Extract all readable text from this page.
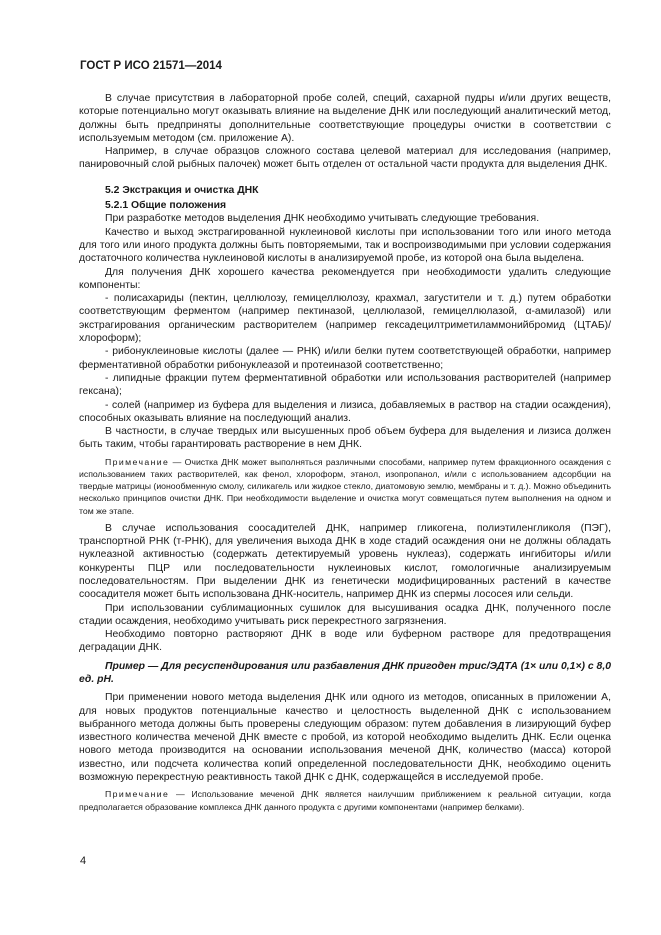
ГОСТ Р ИСО 21571—2014

В случае присутствия в лабораторной пробе солей, специй, сахарной пудры и/или других веществ, которые потенциально могут оказывать влияние на выделение ДНК или последующий аналитический метод, должны быть предприняты дополнительные соответствующие процедуры очистки в соответствии с используемым методом (см. приложение А).

Например, в случае образцов сложного состава целевой материал для исследования (например, панировочный слой рыбных палочек) может быть отделен от остальной части продукта для выделения ДНК.

5.2 Экстракция и очистка ДНК

5.2.1 Общие положения

При разработке методов выделения ДНК необходимо учитывать следующие требования.

Качество и выход экстрагированной нуклеиновой кислоты при использовании того или иного метода для того или иного продукта должны быть повторяемыми, так и воспроизводимыми при условии содержания достаточного количества нуклеиновой кислоты в анализируемой пробе, из которой она была выделена.

Для получения ДНК хорошего качества рекомендуется при необходимости удалить следующие компоненты:

- полисахариды (пектин, целлюлозу, гемицеллюлозу, крахмал, загустители и т. д.) путем обработки соответствующим ферментом (например пектиназой, целлюлазой, гемицеллюлазой, α-амилазой) или экстрагирования органическим растворителем (например гексадецилтриметиламмонийбромид (ЦТАБ)/хлороформ);

- рибонуклеиновые кислоты (далее — РНК) и/или белки путем соответствующей обработки, например ферментативной обработки рибонуклеазой и протеиназой соответственно;

- липидные фракции путем ферментативной обработки или использования растворителей (например гексана);

- солей (например из буфера для выделения и лизиса, добавляемых в раствор на стадии осаждения), способных оказывать влияние на последующий анализ.

В частности, в случае твердых или высушенных проб объем буфера для выделения и лизиса должен быть таким, чтобы гарантировать растворение в нем ДНК.

Примечание — Очистка ДНК может выполняться различными способами, например путем фракционного осаждения с использованием таких растворителей, как фенол, хлороформ, этанол, изопропанол, и/или с использованием адсорбции на твердые матрицы (ионообменную смолу, силикагель или жидкое стекло, диатомовую землю, мембраны и т. д.). Можно объединить несколько принципов очистки ДНК. При необходимости выделение и очистка могут совмещаться путем выполнения на одном и том же этапе.

В случае использования соосадителей ДНК, например гликогена, полиэтиленгликоля (ПЭГ), транспортной РНК (т-РНК), для увеличения выхода ДНК в ходе стадий осаждения они не должны обладать нуклеазной активностью (содержать детектируемый уровень нуклеаз), содержать ингибиторы и/или конкуренты ПЦР или последовательности нуклеиновых кислот, гомологичные анализируемым последовательностям. При выделении ДНК из генетически модифицированных растений в качестве соосадителя может быть использована ДНК-носитель, например ДНК из спермы лососея или сельди.

При использовании сублимационных сушилок для высушивания осадка ДНК, полученного после стадии осаждения, необходимо учитывать риск перекрестного загрязнения.

Необходимо повторно растворяют ДНК в воде или буферном растворе для предотвращения деградации ДНК.

Пример — Для ресуспендирования или разбавления ДНК пригоден трис/ЭДТА (1× или 0,1×) с 8,0 ед. pH.

При применении нового метода выделения ДНК или одного из методов, описанных в приложении А, для новых продуктов потенциальные качество и целостность выделенной ДНК с использованием выбранного метода должны быть проверены следующим образом: путем добавления в лизирующий буфер известного количества меченой ДНК вместе с пробой, из которой необходимо выделить ДНК. Если оценка нового метода производится на основании использования меченой ДНК, количество (масса) которой известно, или подсчета количества копий определенной последовательности ДНК, необходимо оценить возможную перекрестную реактивность такой ДНК с ДНК, содержащейся в исследуемой пробе.

Примечание — Использование меченой ДНК является наилучшим приближением к реальной ситуации, когда предполагается образование комплекса ДНК данного продукта с другими компонентами (например белками).

4
